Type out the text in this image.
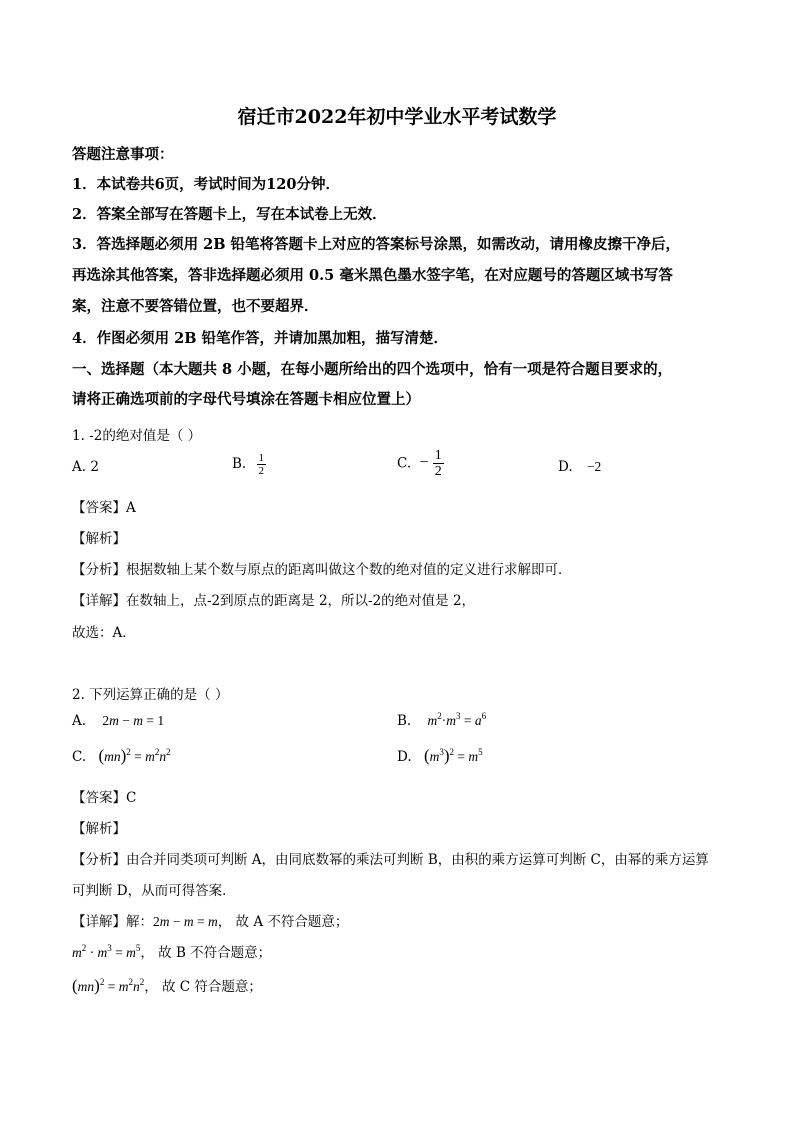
宿迁市2022年初中学业水平考试数学
答题注意事项：
1．本试卷共6页，考试时间为120分钟．
2．答案全部写在答题卡上，写在本试卷上无效．
3．答选择题必须用 2B 铅笔将答题卡上对应的答案标号涂黑，如需改动，请用橡皮擦干净后，
再选涂其他答案，答非选择题必须用 0.5 毫米黑色墨水签字笔，在对应题号的答题区域书写答
案，注意不要答错位置，也不要超界．
4．作图必须用 2B 铅笔作答，并请加黑加粗，描写清楚．
一、选择题（本大题共 8 小题，在每小题所给出的四个选项中，恰有一项是符合题目要求的，
请将正确选项前的字母代号填涂在答题卡相应位置上）
1. -2的绝对值是（ ）
A. 2	B. $\frac{1}{2}$	C. − $\frac{1}{2}$	D. −2
【答案】A
【解析】
【分析】根据数轴上某个数与原点的距离叫做这个数的绝对值的定义进行求解即可．
【详解】在数轴上，点-2到原点的距离是 2，所以-2的绝对值是 2，
故选：A．
2. 下列运算正确的是（ ）
A. 2m − m = 1	B. $m^2\cdot m^3 = a^6$
C. $(mn)^2 = m^2n^2$	D. $(m^3)^2 = m^5$
【答案】C
【解析】
【分析】由合并同类项可判断 A，由同底数幂的乘法可判断 B，由积的乘方运算可判断 C，由幂的乘方运算
可判断 D，从而可得答案．
【详解】解：2m − m = m， 故 A 不符合题意；
$m^2 \cdot m^3 = m^5$， 故 B 不符合题意；
$(mn)^2 = m^2n^2$， 故 C 符合题意；
